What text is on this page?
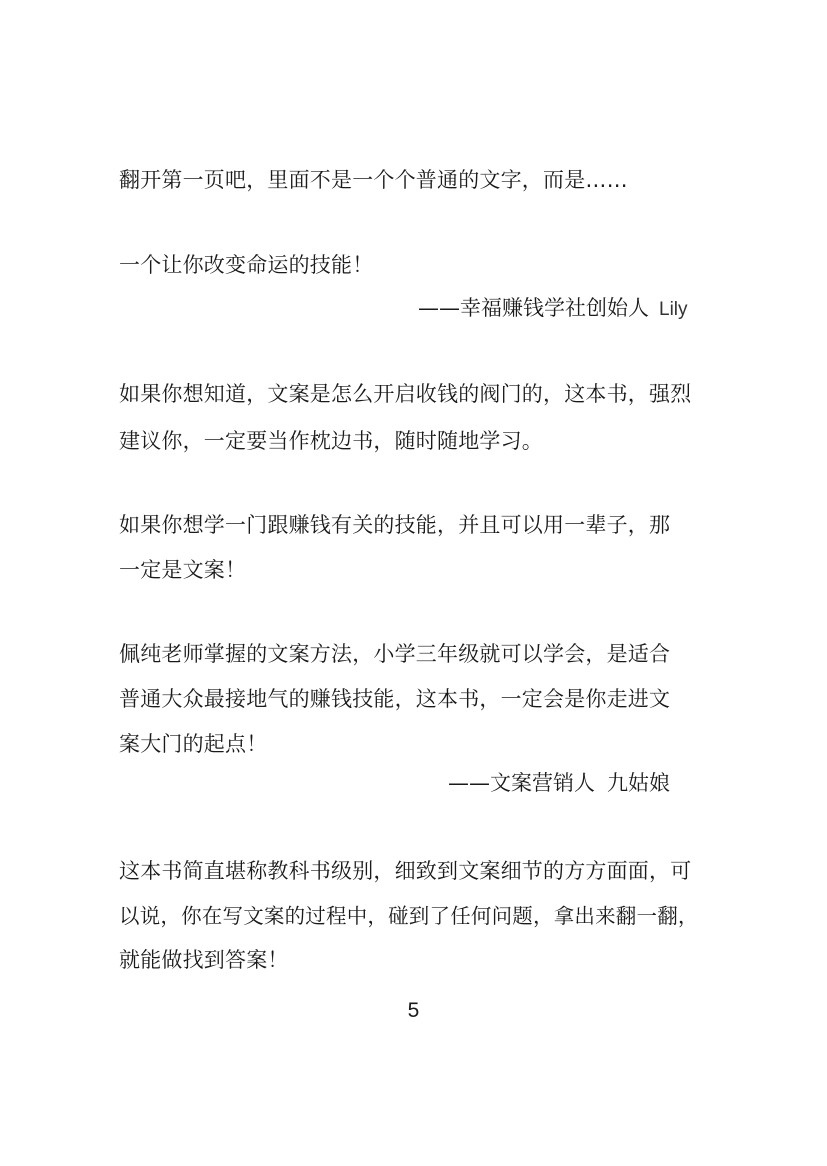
翻开第一页吧，里面不是一个个普通的文字，而是……
一个让你改变命运的技能！
——幸福赚钱学社创始人 Lily
如果你想知道，文案是怎么开启收钱的阀门的，这本书，强烈
建议你，一定要当作枕边书，随时随地学习。
如果你想学一门跟赚钱有关的技能，并且可以用一辈子，那
一定是文案！
佩纯老师掌握的文案方法，小学三年级就可以学会，是适合
普通大众最接地气的赚钱技能，这本书，一定会是你走进文
案大门的起点！
——文案营销人 九姑娘
这本书简直堪称教科书级别，细致到文案细节的方方面面，可
以说，你在写文案的过程中，碰到了任何问题，拿出来翻一翻，
就能做找到答案！
5
